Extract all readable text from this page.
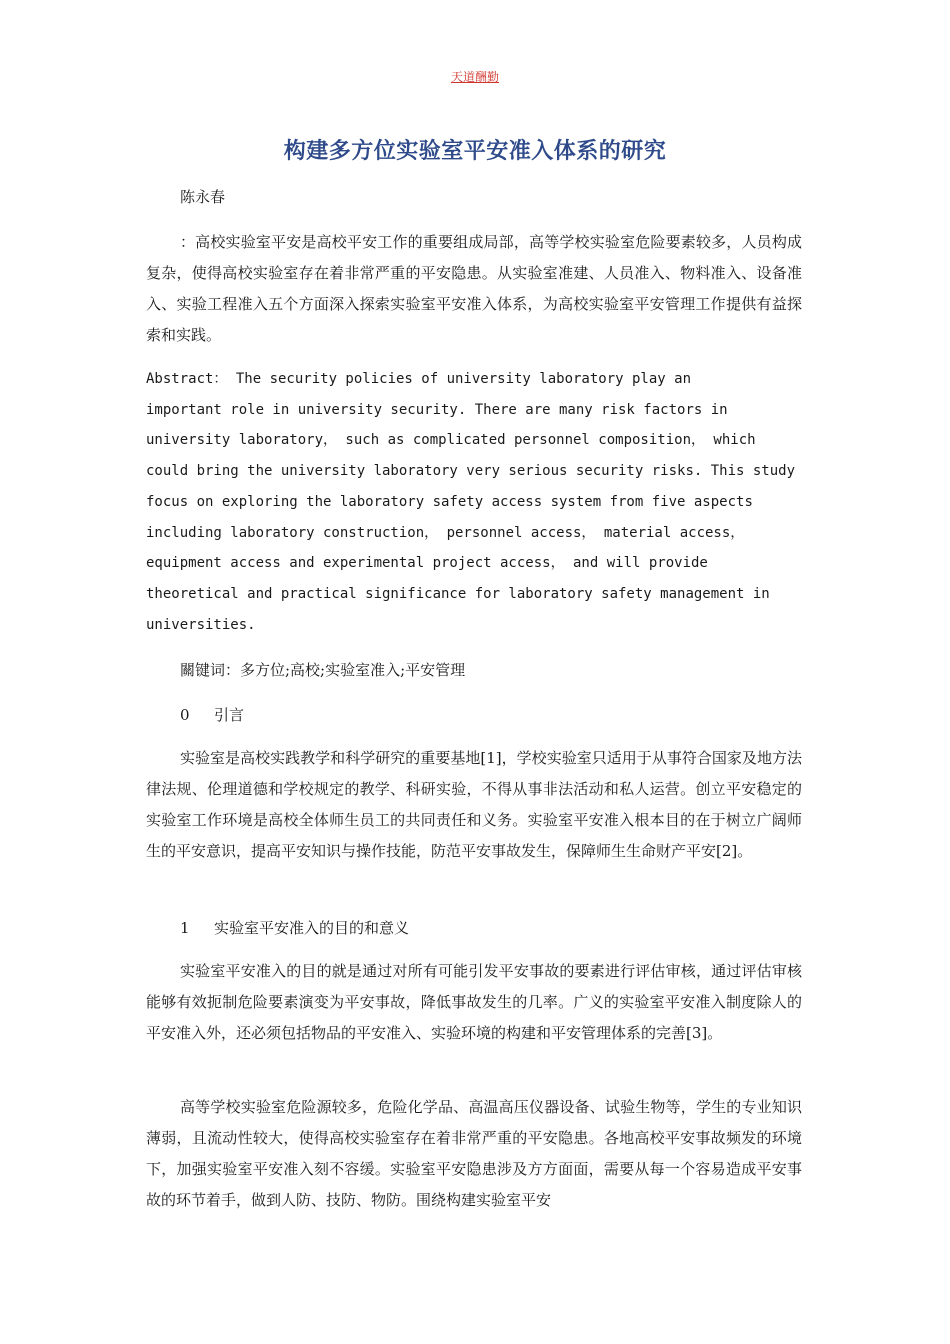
天道酬勤
构建多方位实验室平安准入体系的研究
陈永春

：高校实验室平安是高校平安工作的重要组成局部，高等学校实验室危险要素较多，人员构成复杂，使得高校实验室存在着非常严重的平安隐患。从实验室准建、人员准入、物料准入、设备准入、实验工程准入五个方面深入探索实验室平安准入体系，为高校实验室平安管理工作提供有益探索和实践。

Abstract： The security policies of university laboratory play an
important role in university security. There are many risk factors in
university laboratory， such as complicated personnel composition， which
could bring the university laboratory very serious security risks. This study
focus on exploring the laboratory safety access system from five aspects
including laboratory construction， personnel access， material access，
equipment access and experimental project access， and will provide
theoretical and practical significance for laboratory safety management in
universities.

關键词：多方位;高校;实验室准入;平安管理
0 引言

实验室是高校实践教学和科学研究的重要基地[1]，学校实验室只适用于从事符合国家及地方法律法规、伦理道德和学校规定的教学、科研实验，不得从事非法活动和私人运营。创立平安稳定的实验室工作环境是高校全体师生员工的共同责任和义务。实验室平安准入根本目的在于树立广阔师生的平安意识，提高平安知识与操作技能，防范平安事故发生，保障师生生命财产平安[2]。

1 实验室平安准入的目的和意义

实验室平安准入的目的就是通过对所有可能引发平安事故的要素进行评估审核，通过评估审核能够有效扼制危险要素演变为平安事故，降低事故发生的几率。广义的实验室平安准入制度除人的平安准入外，还必须包括物品的平安准入、实验环境的构建和平安管理体系的完善[3]。

高等学校实验室危险源较多，危险化学品、高温高压仪器设备、试验生物等，学生的专业知识薄弱，且流动性较大，使得高校实验室存在着非常严重的平安隐患。各地高校平安事故频发的环境下，加强实验室平安准入刻不容缓。实验室平安隐患涉及方方面面，需要从每一个容易造成平安事故的环节着手，做到人防、技防、物防。围绕构建实验室平安
